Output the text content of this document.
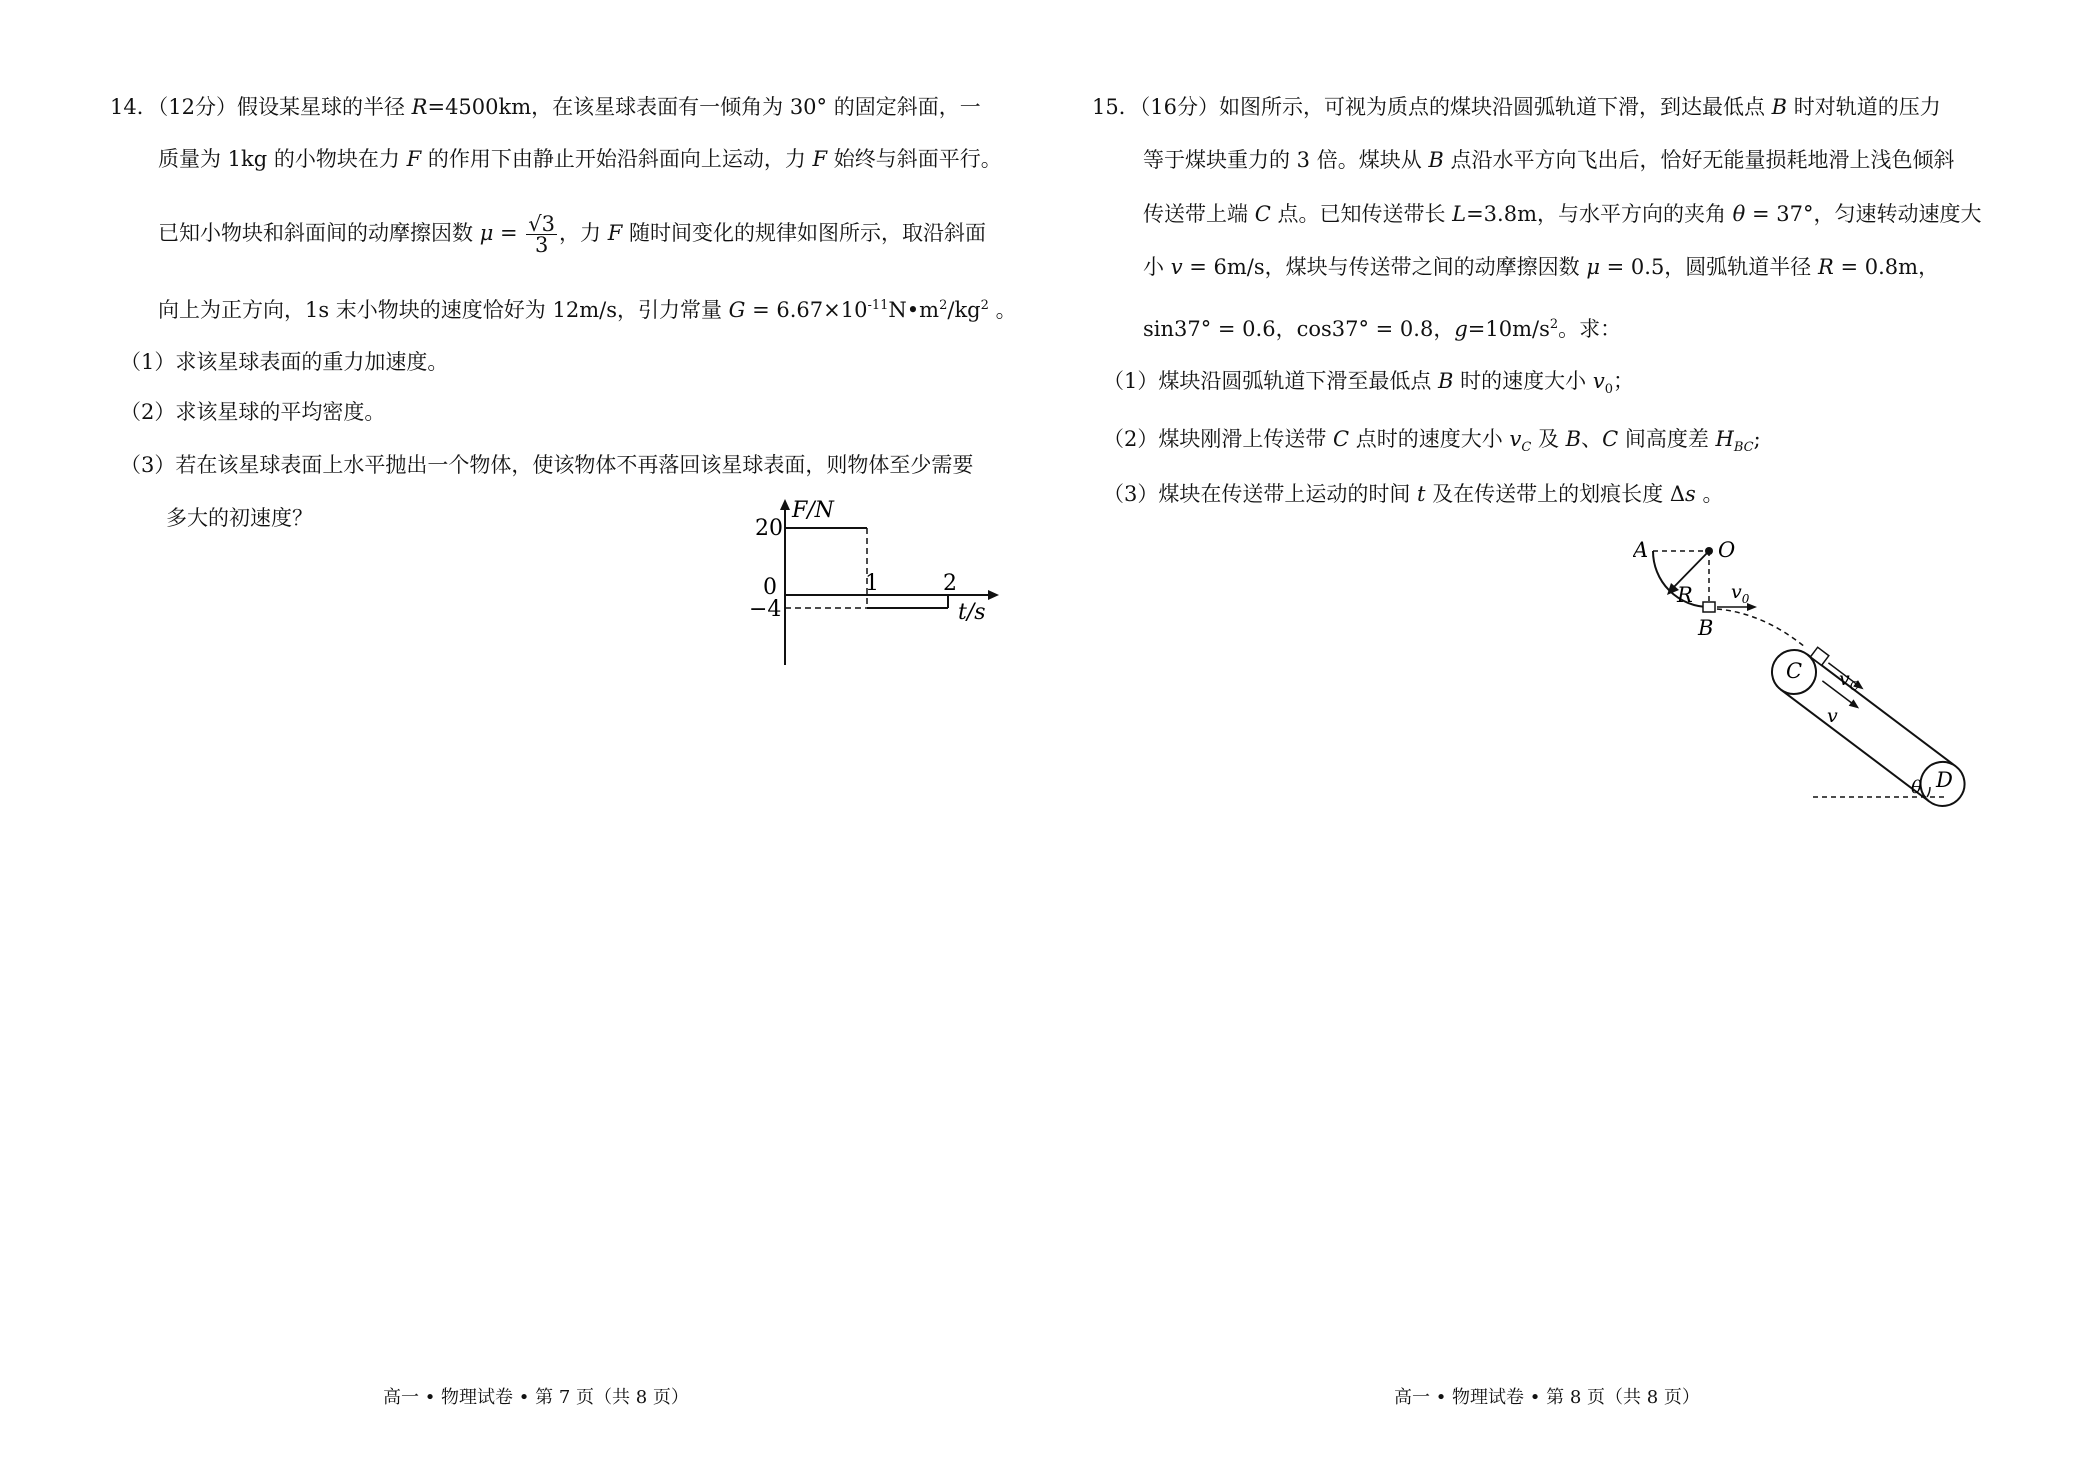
14．（12分）假设某星球的半径 R=4500km，在该星球表面有一倾角为 30° 的固定斜面，一
质量为 1kg 的小物块在力 F 的作用下由静止开始沿斜面向上运动，力 F 始终与斜面平行。
已知小物块和斜面间的动摩擦因数 $\mu = \frac{√3}{3}$ ，力 F 随时间变化的规律如图所示，取沿斜面
向上为正方向，1s 末小物块的速度恰好为 12m/s，引力常量 $G = 6.67\times 10^{-11}N•m^2/kg^2$ 。
（1）求该星球表面的重力加速度。
（2）求该星球的平均密度。
（3）若在该星球表面上水平抛出一个物体，使该物体不再落回该星球表面，则物体至少需要
多大的初速度？	F/N
20
0
−4
1	2
t/s
高一 • 物理试卷 • 第 7 页（共 8 页）
15．（16分）如图所示，可视为质点的煤块沿圆弧轨道下滑，到达最低点 B 时对轨道的压力
等于煤块重力的 3 倍。煤块从 B 点沿水平方向飞出后，恰好无能量损耗地滑上浅色倾斜
传送带上端 C 点。已知传送带长 L=3.8m，与水平方向的夹角 θ = 37°，匀速转动速度大
小 v = 6m/s，煤块与传送带之间的动摩擦因数 μ = 0.5，圆弧轨道半径 R = 0.8m，
sin37° = 0.6，cos37° = 0.8，$g=10m/s^2$。求：
（1）煤块沿圆弧轨道下滑至最低点 B 时的速度大小 $v_0$；
（2）煤块刚滑上传送带 C 点时的速度大小 $v_C$ 及 B、C 间高度差 $H_{BC}$;
（3）煤块在传送带上运动的时间 t 及在传送带上的划痕长度 Δs 。
A	O
R
B
$v_0$
C $v_C$
v
D
θ
高一 • 物理试卷 • 第 8 页（共 8 页）
